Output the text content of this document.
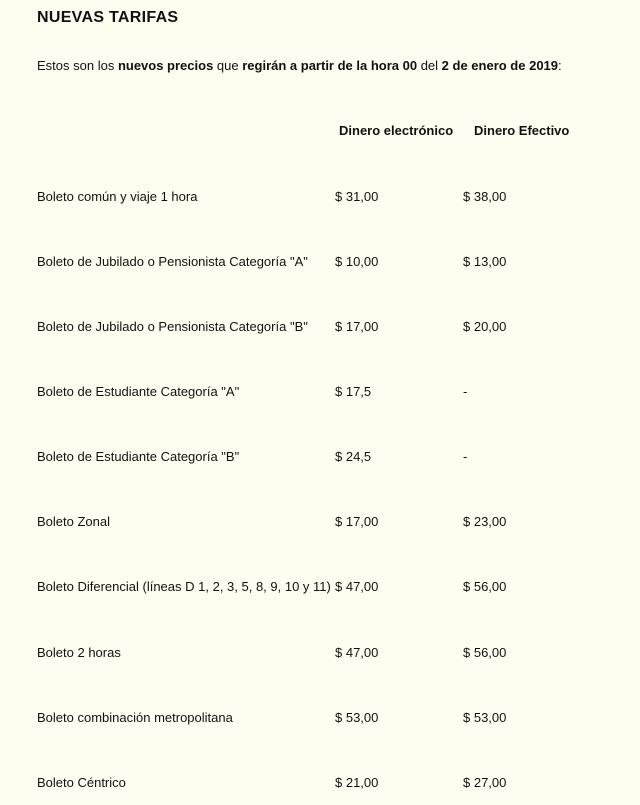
NUEVAS TARIFAS

Estos son los nuevos precios que regirán a partir de la hora 00 del 2 de enero de 2019:

Dinero electrónico Dinero Efectivo
Boleto común y viaje 1 hora	$ 31,00	$ 38,00
Boleto de Jubilado o Pensionista Categoría "A" $ 10,00	$ 13,00
Boleto de Jubilado o Pensionista Categoría "B" $ 17,00	$ 20,00
Boleto de Estudiante Categoría "A"	$ 17,5	-
Boleto de Estudiante Categoría "B"	$ 24,5	-
Boleto Zonal	$ 17,00	$ 23,00
Boleto Diferencial (líneas D 1, 2, 3, 5, 8, 9, 10 y 11) $ 47,00	$ 56,00
Boleto 2 horas	$ 47,00	$ 56,00
Boleto combinación metropolitana	$ 53,00	$ 53,00
Boleto Céntrico	$ 21,00	$ 27,00
